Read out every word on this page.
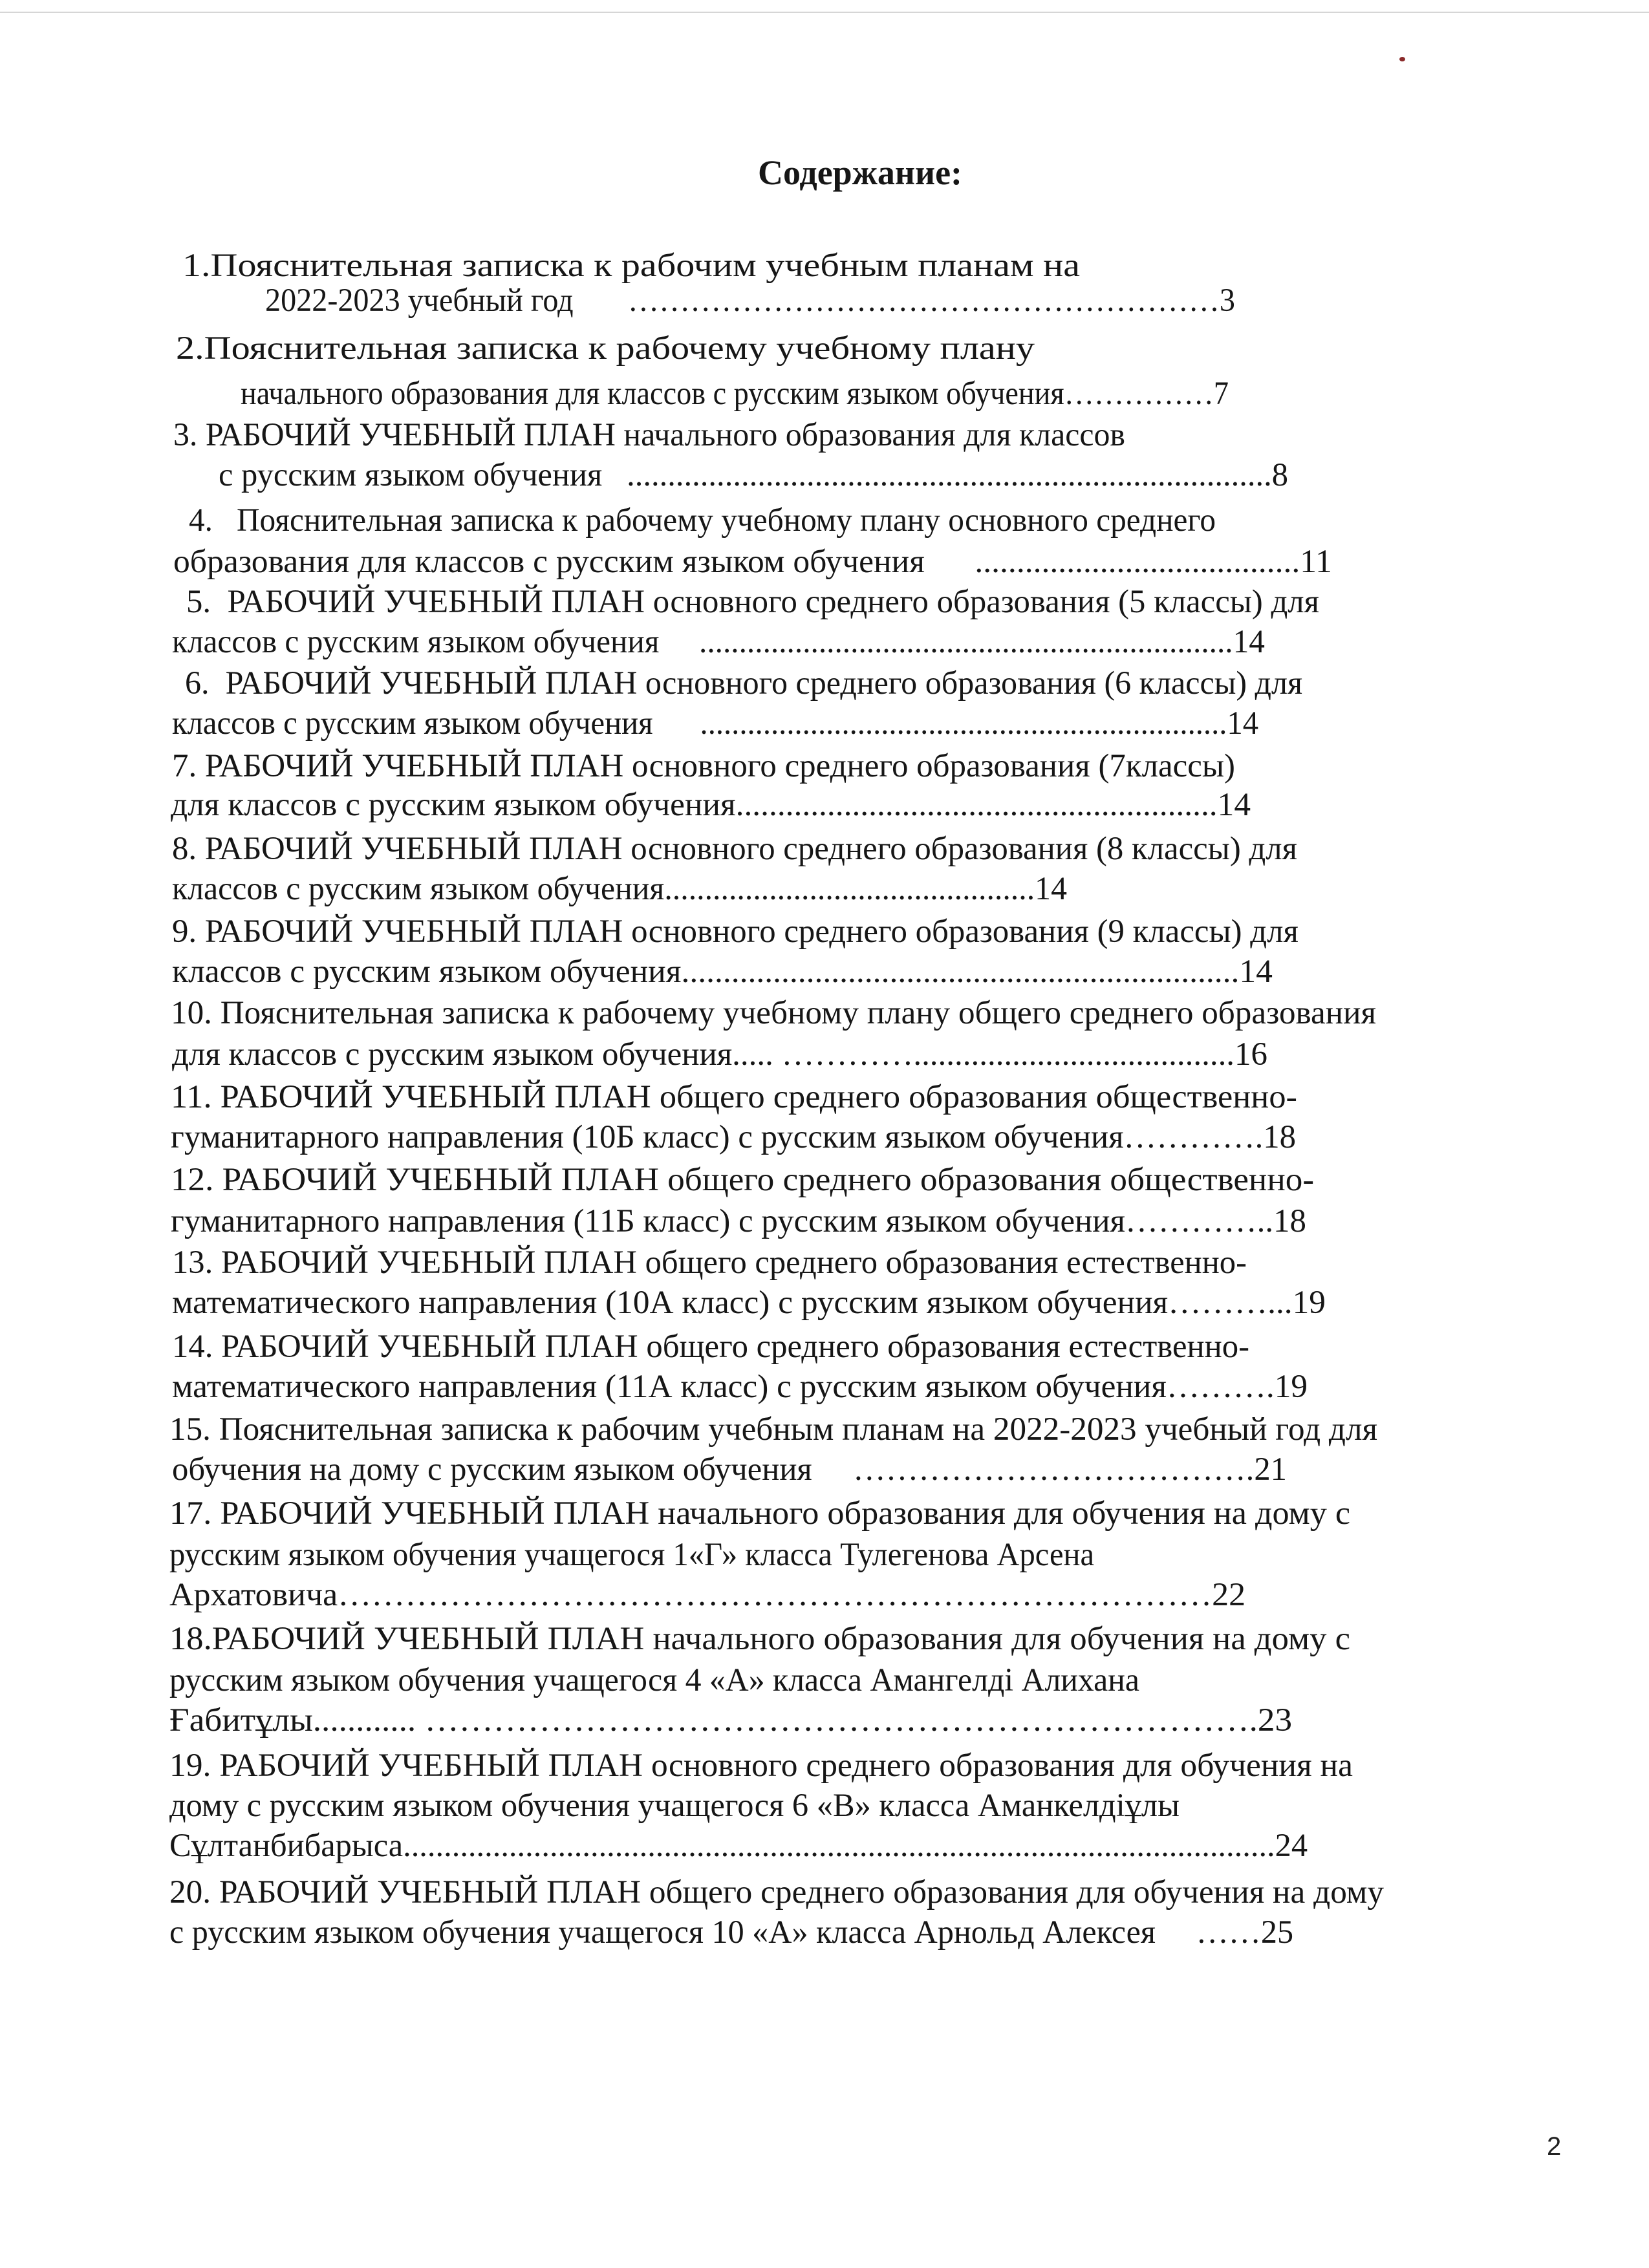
Содержание:
1.Пояснительная записка к рабочим учебным планам на
2022-2023 учебный год       …………………………………………………3
2.Пояснительная записка к рабочему учебному плану
начального образования для классов с русским языком обучения……………7
3. РАБОЧИЙ УЧЕБНЫЙ ПЛАН начального образования для классов
с русским языком обучения   ...............................................................................8
4.   Пояснительная записка к рабочему учебному плану основного среднего
образования для классов с русским языком обучения      .......................................11
5.  РАБОЧИЙ УЧЕБНЫЙ ПЛАН основного среднего образования (5 классы) для
классов с русским языком обучения     ...................................................................14
6.  РАБОЧИЙ УЧЕБНЫЙ ПЛАН основного среднего образования (6 классы) для
классов с русским языком обучения      ...................................................................14
7. РАБОЧИЙ УЧЕБНЫЙ ПЛАН основного среднего образования (7классы)
для классов с русским языком обучения..........................................................14
8. РАБОЧИЙ УЧЕБНЫЙ ПЛАН основного среднего образования (8 классы) для
классов с русским языком обучения..............................................14
9. РАБОЧИЙ УЧЕБНЫЙ ПЛАН основного среднего образования (9 классы) для
классов с русским языком обучения...................................................................14
10. Пояснительная записка к рабочему учебному плану общего среднего образования
для классов с русским языком обучения..... ………….......................................16
11. РАБОЧИЙ УЧЕБНЫЙ ПЛАН общего среднего образования общественно-
гуманитарного направления (10Б класс) с русским языком обучения………….18
12. РАБОЧИЙ УЧЕБНЫЙ ПЛАН общего среднего образования общественно-
гуманитарного направления (11Б класс) с русским языком обучения…………..18
13. РАБОЧИЙ УЧЕБНЫЙ ПЛАН общего среднего образования естественно-
математического направления (10А класс) с русским языком обучения………...19
14. РАБОЧИЙ УЧЕБНЫЙ ПЛАН общего среднего образования естественно-
математического направления (11А класс) с русским языком обучения……….19
15. Пояснительная записка к рабочим учебным планам на 2022-2023 учебный год для
обучения на дому с русским языком обучения     ……………………………….21
17. РАБОЧИЙ УЧЕБНЫЙ ПЛАН начального образования для обучения на дому с
русским языком обучения учащегося 1«Г» класса Тулегенова Арсена
Архатовича……………………………………………………………………22
18.РАБОЧИЙ УЧЕБНЫЙ ПЛАН начального образования для обучения на дому с
русским языком обучения учащегося 4 «А» класса Амангелді Алихана
Ғабитұлы............ ……………………………………………………………….23
19. РАБОЧИЙ УЧЕБНЫЙ ПЛАН основного среднего образования для обучения на
дому с русским языком обучения учащегося 6 «В» класса Аманкелдіұлы
Сұлтанбибарыса...........................................................................................................24
20. РАБОЧИЙ УЧЕБНЫЙ ПЛАН общего среднего образования для обучения на дому
с русским языком обучения учащегося 10 «А» класса Арнольд Алексея     ……25
2
